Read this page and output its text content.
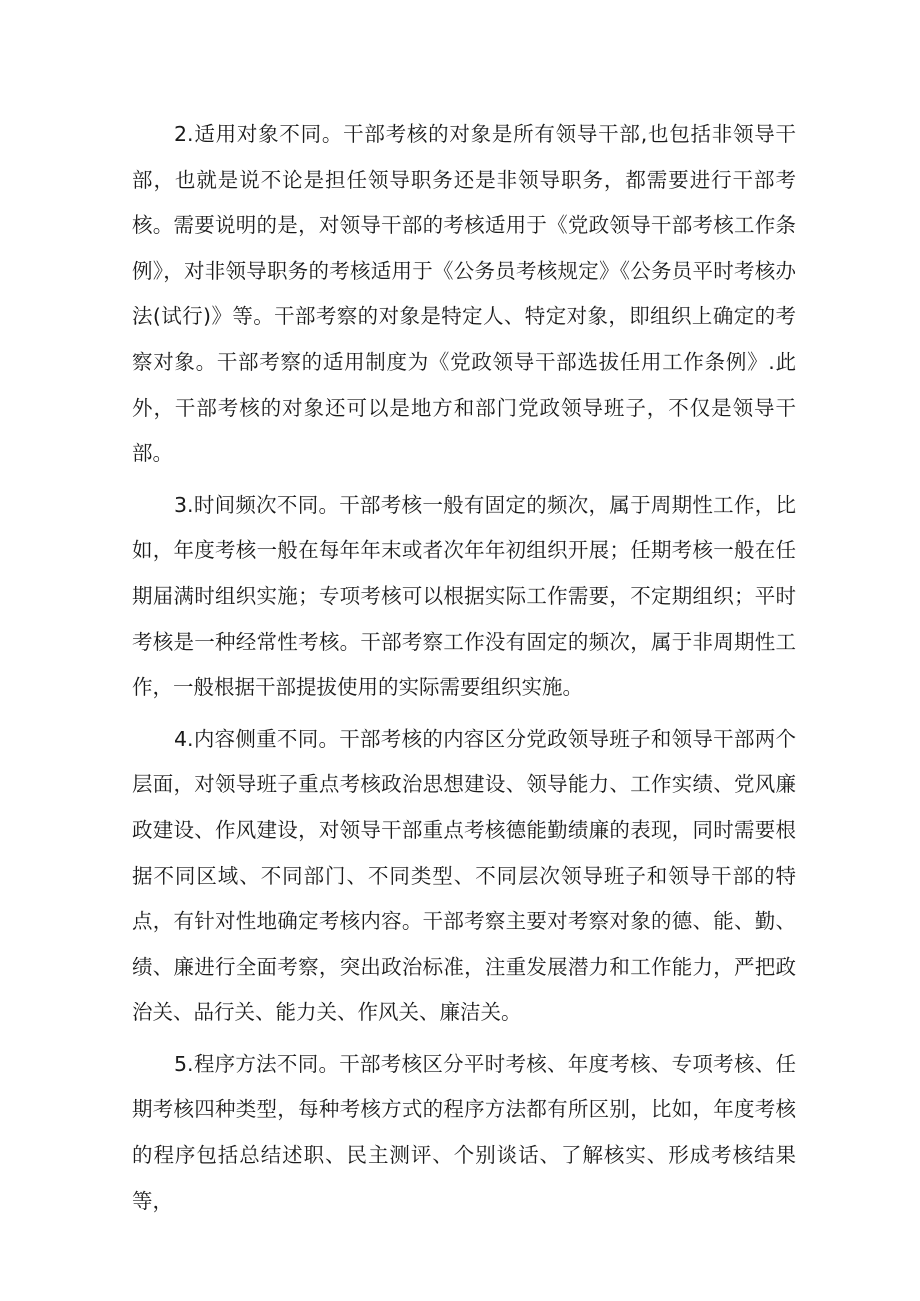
2.适用对象不同。干部考核的对象是所有领导干部,也包括非领导干部，也就是说不论是担任领导职务还是非领导职务，都需要进行干部考核。需要说明的是，对领导干部的考核适用于《党政领导干部考核工作条例》，对非领导职务的考核适用于《公务员考核规定》《公务员平时考核办法(试行)》等。干部考察的对象是特定人、特定对象，即组织上确定的考察对象。干部考察的适用制度为《党政领导干部选拔任用工作条例》.此外，干部考核的对象还可以是地方和部门党政领导班子，不仅是领导干部。

3.时间频次不同。干部考核一般有固定的频次，属于周期性工作，比如，年度考核一般在每年年末或者次年年初组织开展；任期考核一般在任期届满时组织实施；专项考核可以根据实际工作需要，不定期组织；平时考核是一种经常性考核。干部考察工作没有固定的频次，属于非周期性工作，一般根据干部提拔使用的实际需要组织实施。

4.内容侧重不同。干部考核的内容区分党政领导班子和领导干部两个层面，对领导班子重点考核政治思想建设、领导能力、工作实绩、党风廉政建设、作风建设，对领导干部重点考核德能勤绩廉的表现，同时需要根据不同区域、不同部门、不同类型、不同层次领导班子和领导干部的特点，有针对性地确定考核内容。干部考察主要对考察对象的德、能、勤、绩、廉进行全面考察，突出政治标准，注重发展潜力和工作能力，严把政治关、品行关、能力关、作风关、廉洁关。

5.程序方法不同。干部考核区分平时考核、年度考核、专项考核、任期考核四种类型，每种考核方式的程序方法都有所区别，比如，年度考核的程序包括总结述职、民主测评、个别谈话、了解核实、形成考核结果等，
